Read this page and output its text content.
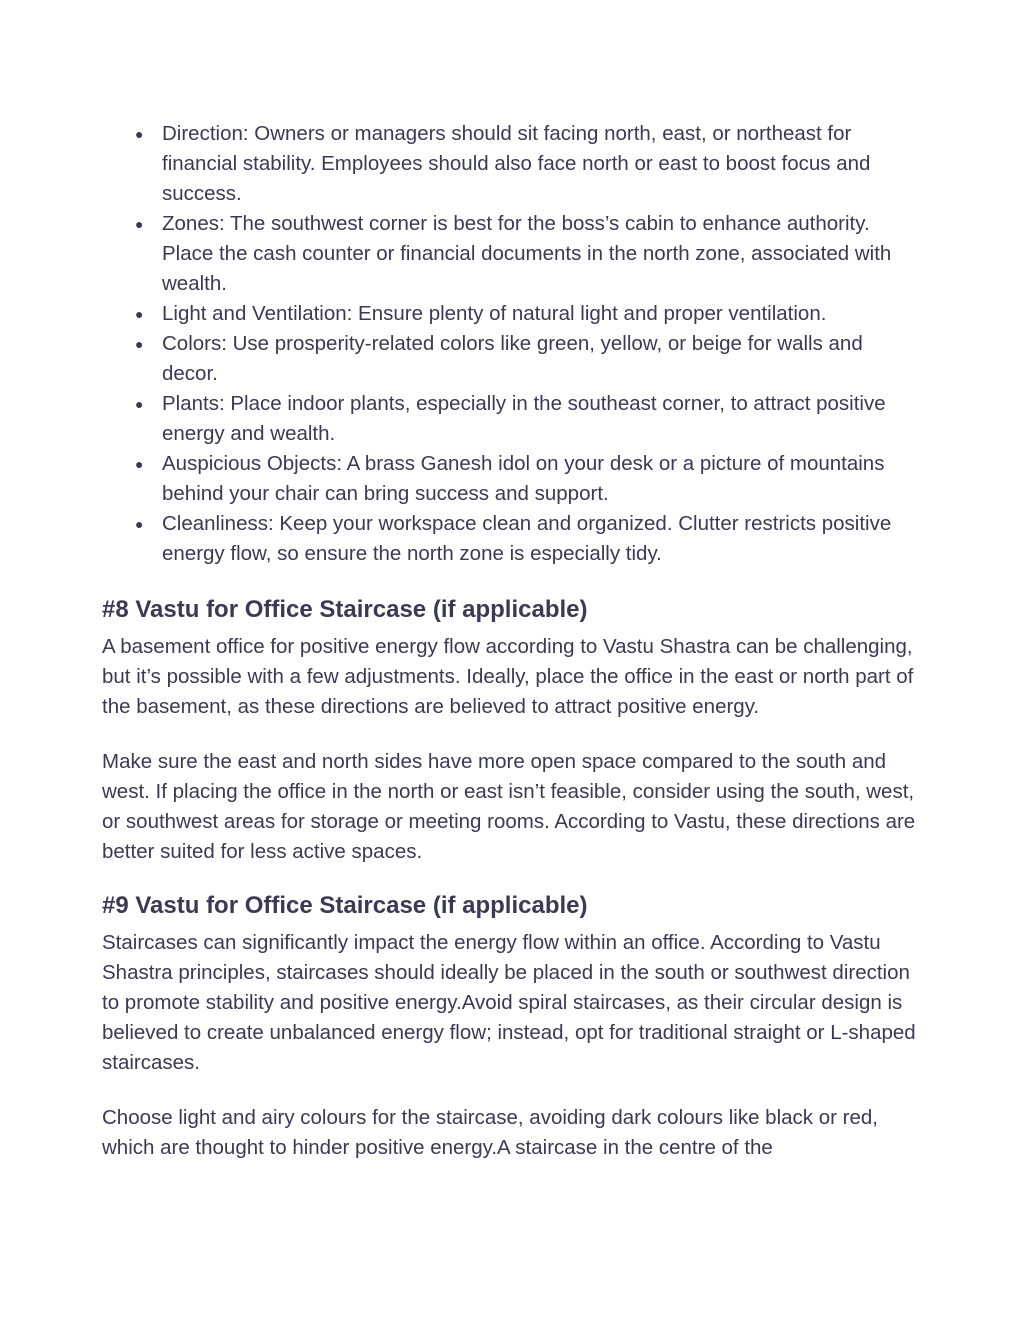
● Direction: Owners or managers should sit facing north, east, or northeast for financial stability. Employees should also face north or east to boost focus and success.
● Zones: The southwest corner is best for the boss’s cabin to enhance authority. Place the cash counter or financial documents in the north zone, associated with wealth.
● Light and Ventilation: Ensure plenty of natural light and proper ventilation.
● Colors: Use prosperity-related colors like green, yellow, or beige for walls and decor.
● Plants: Place indoor plants, especially in the southeast corner, to attract positive energy and wealth.
● Auspicious Objects: A brass Ganesh idol on your desk or a picture of mountains behind your chair can bring success and support.
● Cleanliness: Keep your workspace clean and organized. Clutter restricts positive energy flow, so ensure the north zone is especially tidy.
#8 Vastu for Office Staircase (if applicable)

A basement office for positive energy flow according to Vastu Shastra can be challenging, but it’s possible with a few adjustments. Ideally, place the office in the east or north part of the basement, as these directions are believed to attract positive energy.

Make sure the east and north sides have more open space compared to the south and west. If placing the office in the north or east isn’t feasible, consider using the south, west, or southwest areas for storage or meeting rooms. According to Vastu, these directions are better suited for less active spaces.

#9 Vastu for Office Staircase (if applicable)

Staircases can significantly impact the energy flow within an office. According to Vastu Shastra principles, staircases should ideally be placed in the south or southwest direction to promote stability and positive energy.Avoid spiral staircases, as their circular design is believed to create unbalanced energy flow; instead, opt for traditional straight or L-shaped staircases.

Choose light and airy colours for the staircase, avoiding dark colours like black or red, which are thought to hinder positive energy.A staircase in the centre of the
